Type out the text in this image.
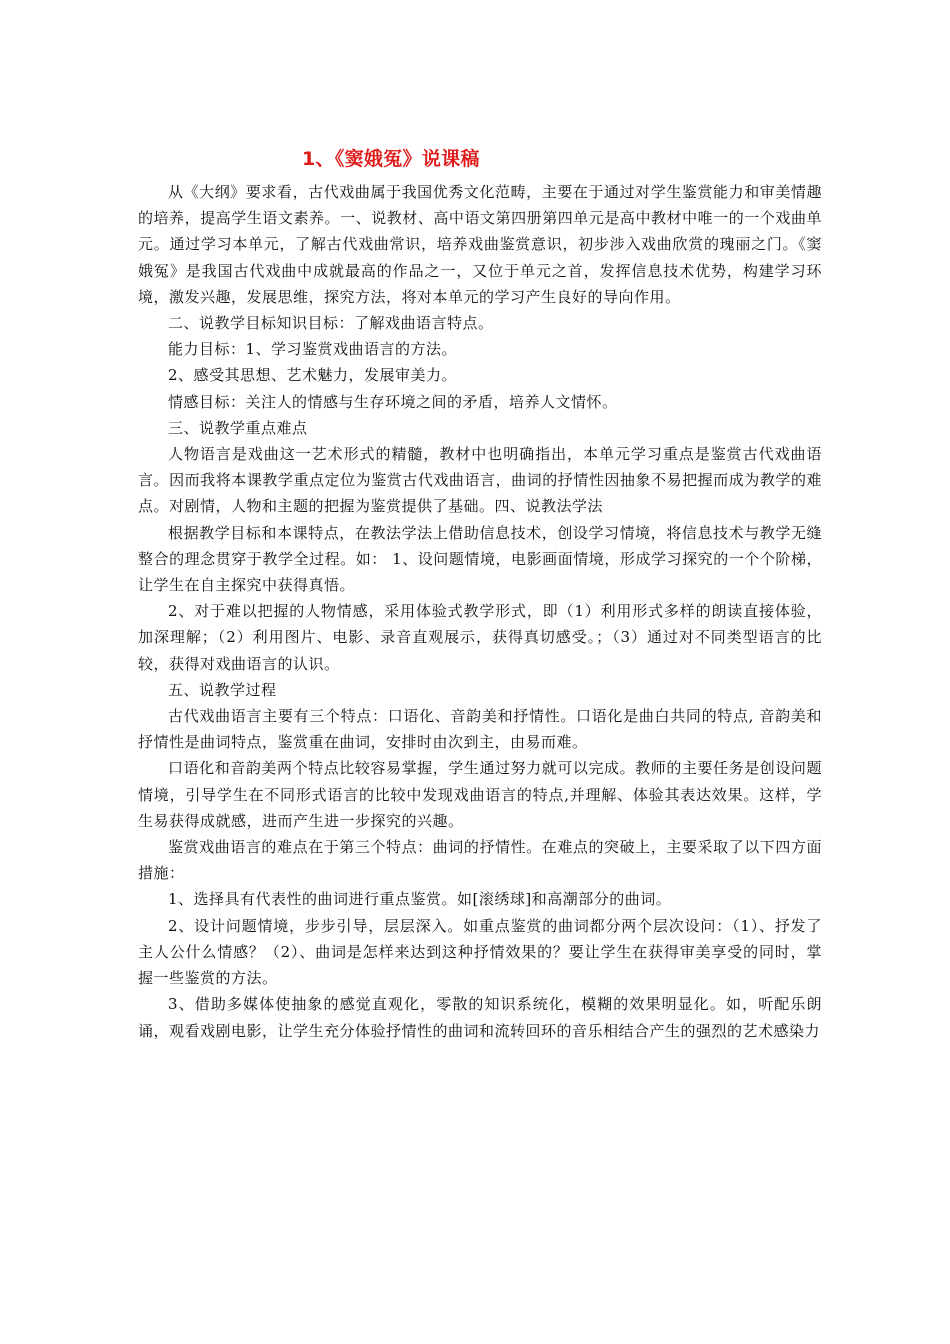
1、《窦娥冤》说课稿

从《大纲》要求看，古代戏曲属于我国优秀文化范畴，主要在于通过对学生鉴赏能力和审美情趣的培养，提高学生语文素养。一、说教材、高中语文第四册第四单元是高中教材中唯一的一个戏曲单元。通过学习本单元，了解古代戏曲常识，培养戏曲鉴赏意识，初步涉入戏曲欣赏的瑰丽之门。《窦娥冤》是我国古代戏曲中成就最高的作品之一，又位于单元之首，发挥信息技术优势，构建学习环境，激发兴趣，发展思维，探究方法，将对本单元的学习产生良好的导向作用。

二、说教学目标知识目标：了解戏曲语言特点。

能力目标：1、学习鉴赏戏曲语言的方法。

2、感受其思想、艺术魅力，发展审美力。

情感目标：关注人的情感与生存环境之间的矛盾，培养人文情怀。

三、说教学重点难点

人物语言是戏曲这一艺术形式的精髓，教材中也明确指出，本单元学习重点是鉴赏古代戏曲语言。因而我将本课教学重点定位为鉴赏古代戏曲语言，曲词的抒情性因抽象不易把握而成为教学的难点。对剧情，人物和主题的把握为鉴赏提供了基础。四、说教法学法

根据教学目标和本课特点，在教法学法上借助信息技术，创设学习情境，将信息技术与教学无缝整合的理念贯穿于教学全过程。如： 1、设问题情境，电影画面情境，形成学习探究的一个个阶梯，让学生在自主探究中获得真悟。

2、对于难以把握的人物情感，采用体验式教学形式，即（1）利用形式多样的朗读直接体验，加深理解；（2）利用图片、电影、录音直观展示，获得真切感受。；（3）通过对不同类型语言的比较，获得对戏曲语言的认识。

五、说教学过程

古代戏曲语言主要有三个特点：口语化、音韵美和抒情性。口语化是曲白共同的特点, 音韵美和抒情性是曲词特点，鉴赏重在曲词，安排时由次到主，由易而难。

口语化和音韵美两个特点比较容易掌握，学生通过努力就可以完成。教师的主要任务是创设问题情境，引导学生在不同形式语言的比较中发现戏曲语言的特点,并理解、体验其表达效果。这样，学生易获得成就感，进而产生进一步探究的兴趣。

鉴赏戏曲语言的难点在于第三个特点：曲词的抒情性。在难点的突破上，主要采取了以下四方面措施：

1、选择具有代表性的曲词进行重点鉴赏。如[滚绣球]和高潮部分的曲词。

2、设计问题情境，步步引导，层层深入。如重点鉴赏的曲词都分两个层次设问：（1）、抒发了主人公什么情感？（2）、曲词是怎样来达到这种抒情效果的？要让学生在获得审美享受的同时，掌握一些鉴赏的方法。

3、借助多媒体使抽象的感觉直观化，零散的知识系统化，模糊的效果明显化。如，听配乐朗诵，观看戏剧电影，让学生充分体验抒情性的曲词和流转回环的音乐相结合产生的强烈的艺术感染力
